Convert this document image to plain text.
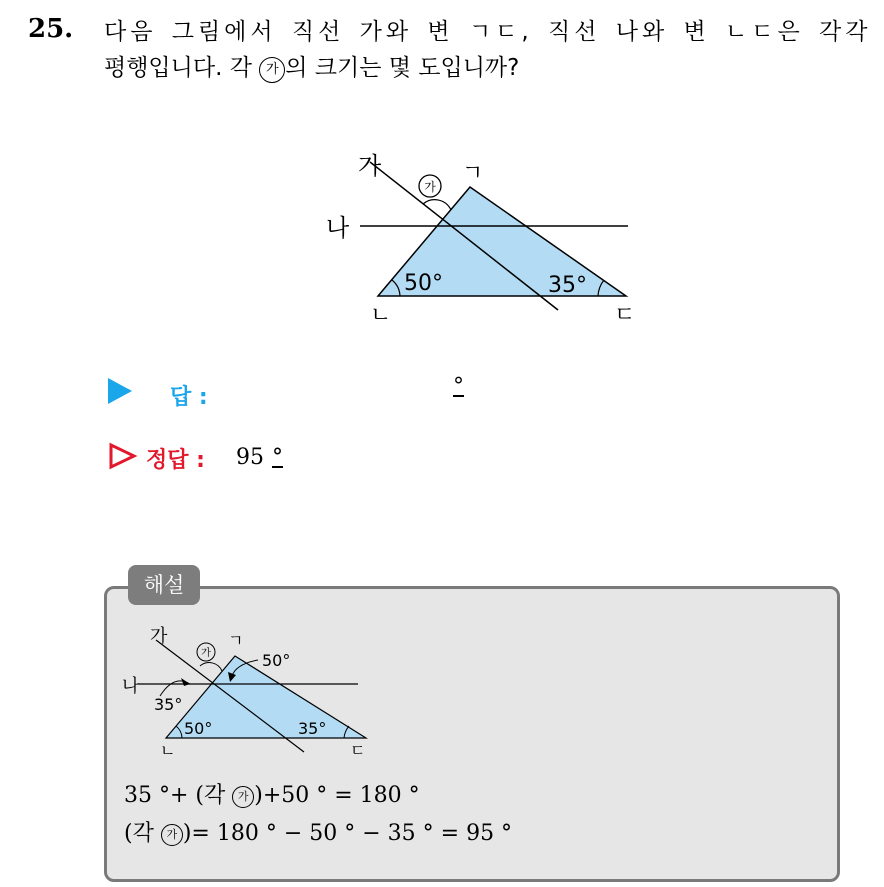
25. 다음 그림에서 직선 가와 변 ㄱㄷ, 직선 나와 변 ㄴㄷ은 각각
평행입니다. 각 가 의 크기는 몇 도입니까?
가
나
가
ㄱ
ㄴ	ㄷ
50°	35°
답 :	°
정답 : 95 °
해설
가
나
가
ㄱ
ㄴ	ㄷ
50°
35°
50°	35°
35 °+ (각 가 )+50 ° = 180 °
(각 가 )= 180 ° − 50 ° − 35 ° = 95 °
